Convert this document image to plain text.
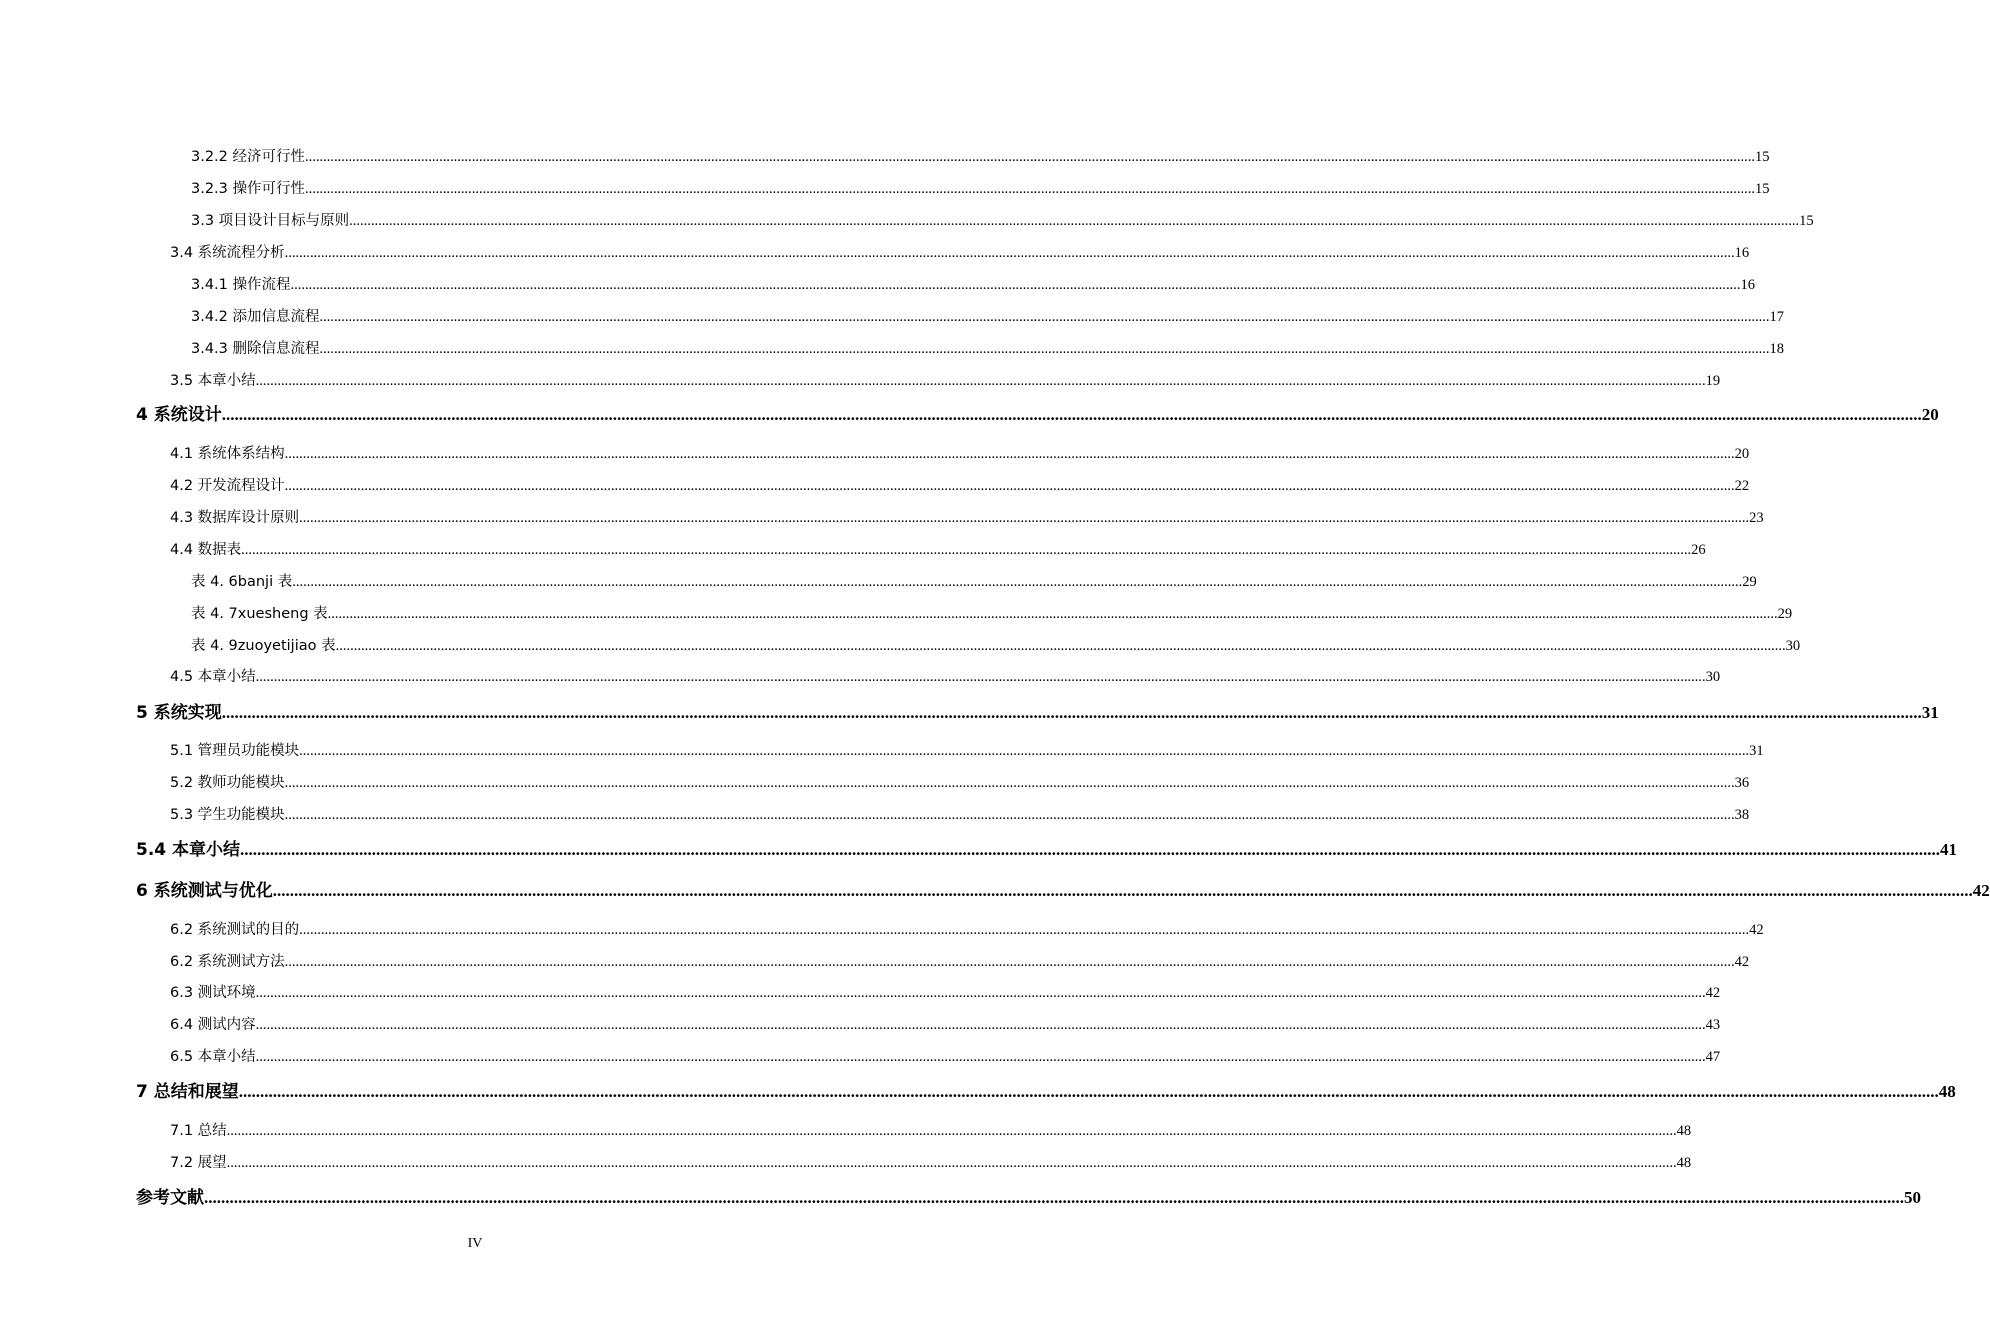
3.2.2 经济可行性 ................................................................................................................................................................................................................................................................................................................................................................................................................ 15
3.2.3 操作可行性 ................................................................................................................................................................................................................................................................................................................................................................................................................ 15
3.3 项目设计目标与原则 ................................................................................................................................................................................................................................................................................................................................................................................................................ 15
3.4 系统流程分析 ................................................................................................................................................................................................................................................................................................................................................................................................................ 16
3.4.1 操作流程 ................................................................................................................................................................................................................................................................................................................................................................................................................ 16
3.4.2 添加信息流程 ................................................................................................................................................................................................................................................................................................................................................................................................................ 17
3.4.3 删除信息流程 ................................................................................................................................................................................................................................................................................................................................................................................................................ 18
3.5 本章小结 ................................................................................................................................................................................................................................................................................................................................................................................................................ 19
4 系统设计 ................................................................................................................................................................................................................................................................................................................................................................................................................ 20
4.1 系统体系结构 ................................................................................................................................................................................................................................................................................................................................................................................................................ 20
4.2 开发流程设计 ................................................................................................................................................................................................................................................................................................................................................................................................................ 22
4.3 数据库设计原则 ................................................................................................................................................................................................................................................................................................................................................................................................................ 23
4.4 数据表 ................................................................................................................................................................................................................................................................................................................................................................................................................ 26
表 4. 6banji 表 ................................................................................................................................................................................................................................................................................................................................................................................................................ 29
表 4. 7xuesheng 表 ................................................................................................................................................................................................................................................................................................................................................................................................................ 29
表 4. 9zuoyetijiao 表 ................................................................................................................................................................................................................................................................................................................................................................................................................ 30
4.5 本章小结 ................................................................................................................................................................................................................................................................................................................................................................................................................ 30
5 系统实现 ................................................................................................................................................................................................................................................................................................................................................................................................................ 31
5.1 管理员功能模块 ................................................................................................................................................................................................................................................................................................................................................................................................................ 31
5.2 教师功能模块 ................................................................................................................................................................................................................................................................................................................................................................................................................ 36
5.3 学生功能模块 ................................................................................................................................................................................................................................................................................................................................................................................................................ 38
5.4 本章小结 ................................................................................................................................................................................................................................................................................................................................................................................................................ 41
6 系统测试与优化 ................................................................................................................................................................................................................................................................................................................................................................................................................ 42
6.2 系统测试的目的 ................................................................................................................................................................................................................................................................................................................................................................................................................ 42
6.2 系统测试方法 ................................................................................................................................................................................................................................................................................................................................................................................................................ 42
6.3 测试环境 ................................................................................................................................................................................................................................................................................................................................................................................................................ 42
6.4 测试内容 ................................................................................................................................................................................................................................................................................................................................................................................................................ 43
6.5 本章小结 ................................................................................................................................................................................................................................................................................................................................................................................................................ 47
7 总结和展望 ................................................................................................................................................................................................................................................................................................................................................................................................................ 48
7.1 总结 ................................................................................................................................................................................................................................................................................................................................................................................................................ 48
7.2 展望 ................................................................................................................................................................................................................................................................................................................................................................................................................ 48
参考文献 ................................................................................................................................................................................................................................................................................................................................................................................................................ 50
IV
